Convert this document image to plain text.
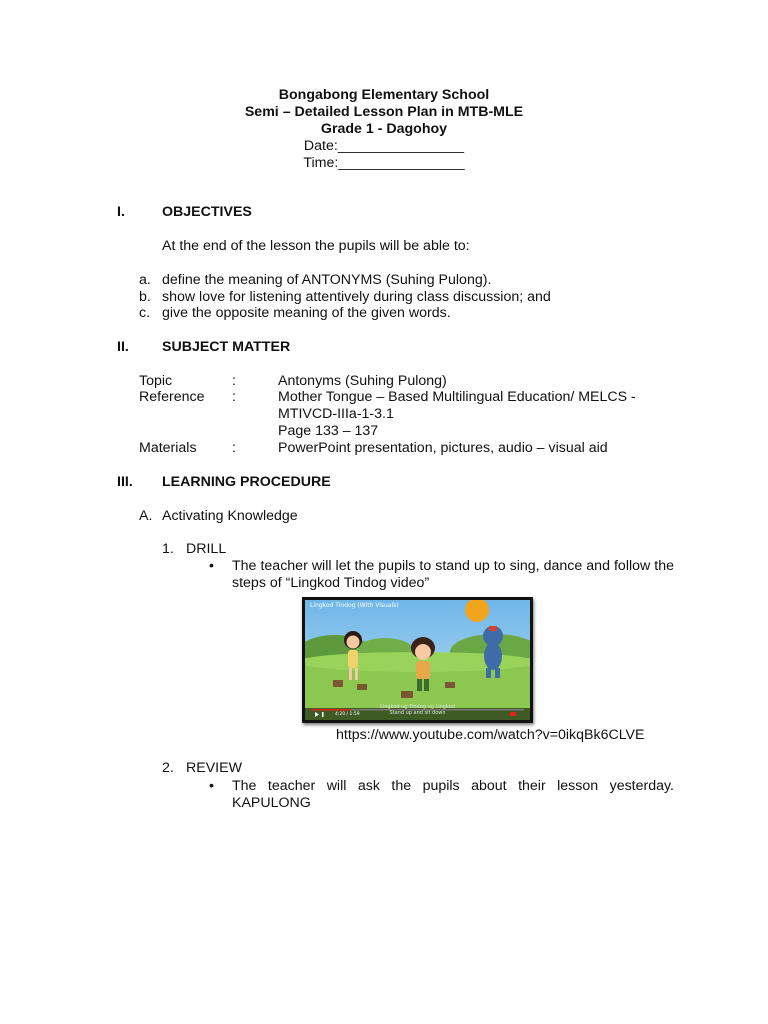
Bongabong Elementary School
Semi – Detailed Lesson Plan in MTB-MLE
Grade 1 - Dagohoy
Date:________________
Time:________________
I.	OBJECTIVES
At the end of the lesson the pupils will be able to:
a. define the meaning of ANTONYMS (Suhing Pulong).
b. show love for listening attentively during class discussion; and
c. give the opposite meaning of the given words.
II. SUBJECT MATTER
Topic	:	Antonyms (Suhing Pulong)
Reference :	Mother Tongue – Based Multilingual Education/ MELCS -
MTIVCD-IIIa-1-3.1
Page 133 – 137
Materials :	PowerPoint presentation, pictures, audio – visual aid
III. LEARNING PROCEDURE
A. Activating Knowledge
1. DRILL
• The teacher will let the pupils to stand up to sing, dance and follow the steps of “Lingkod Tindog video”
Lingkod Tindog (With Visuals)
Lingkod ug Tindog ug Lingkod
Stand up and sit down
4:20 / 1:59
https://www.youtube.com/watch?v=0ikqBk6CLVE
2. REVIEW
• The teacher will ask the pupils about their lesson yesterday. KAPULONG
